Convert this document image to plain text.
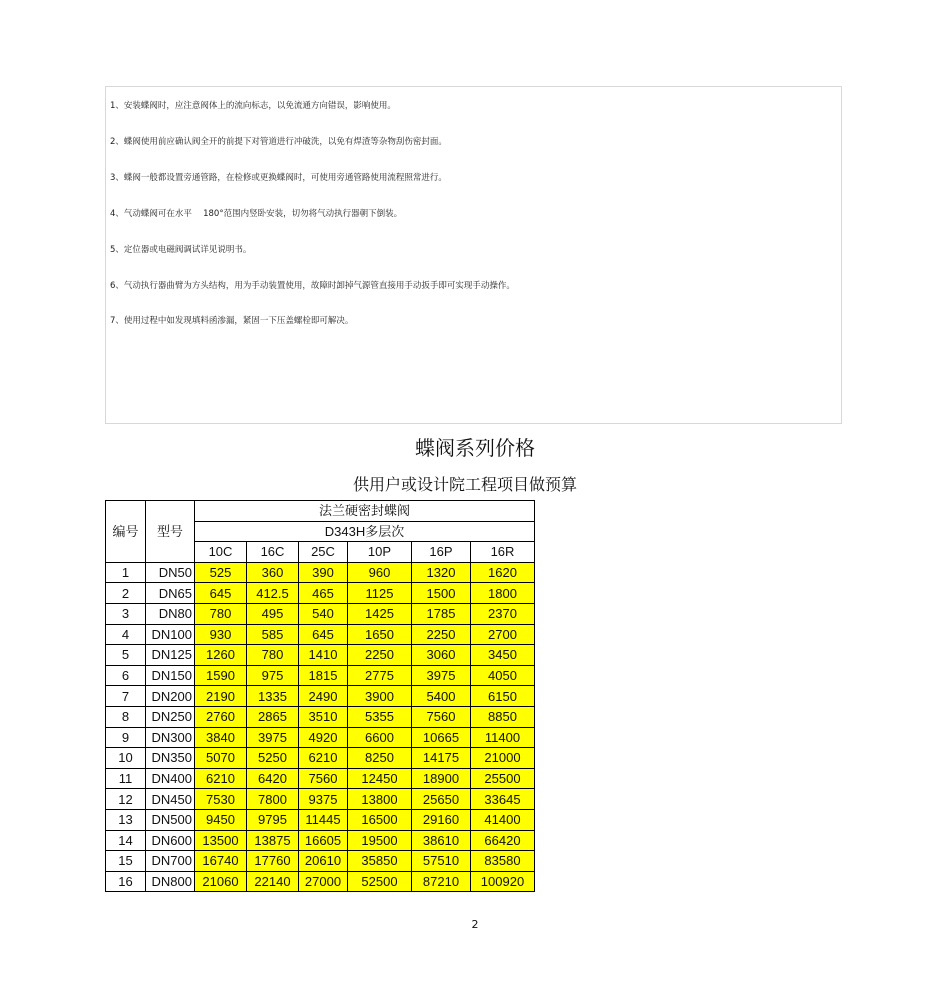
1、安装蝶阀时，应注意阀体上的流向标志，以免流通方向错误，影响使用。
2、蝶阀使用前应确认阀全开的前提下对管道进行冲破洗，以免有焊渣等杂物刮伤密封面。
3、蝶阀一般都设置旁通管路，在检修或更换蝶阀时，可使用旁通管路使用流程照常进行。
4、气动蝶阀可在水平 　180°范围内竖卧安装，切勿将气动执行器朝下倒装。
5、定位器或电磁阀调试详见说明书。
6、气动执行器曲臂为方头结构，用为手动装置使用，故障时卸掉气源管直接用手动扳手即可实现手动操作。
7、使用过程中如发现填料函渗漏，紧固一下压盖螺栓即可解决。
蝶阀系列价格
供用户或设计院工程项目做预算
编号	型号	法兰硬密封蝶阀					
		D343H多层次					
		10C	16C	25C	10P	16P	16R
1	DN50	525	360	390	960	1320	1620
2	DN65	645	412.5	465	1125	1500	1800
3	DN80	780	495	540	1425	1785	2370
4	DN100	930	585	645	1650	2250	2700
5	DN125	1260	780	1410	2250	3060	3450
6	DN150	1590	975	1815	2775	3975	4050
7	DN200	2190	1335	2490	3900	5400	6150
8	DN250	2760	2865	3510	5355	7560	8850
9	DN300	3840	3975	4920	6600	10665	11400
10	DN350	5070	5250	6210	8250	14175	21000
11	DN400	6210	6420	7560	12450	18900	25500
12	DN450	7530	7800	9375	13800	25650	33645
13	DN500	9450	9795	11445	16500	29160	41400
14	DN600	13500	13875	16605	19500	38610	66420
15	DN700	16740	17760	20610	35850	57510	83580
16	DN800	21060	22140	27000	52500	87210	100920
2
